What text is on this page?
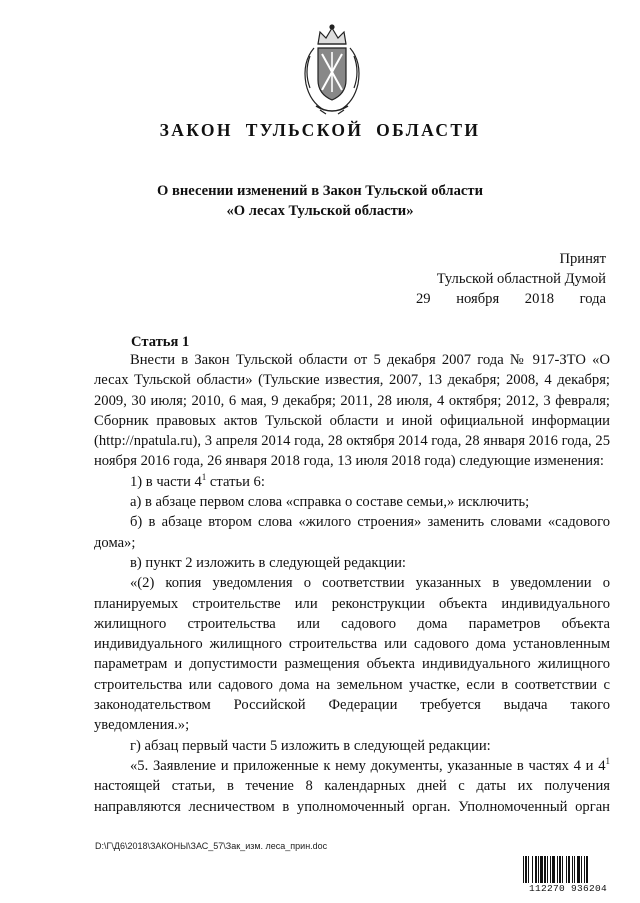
ЗАКОН ТУЛЬСКОЙ ОБЛАСТИ
О внесении изменений в Закон Тульской области
«О лесах Тульской области»
Принят
Тульской областной Думой
29 ноября 2018 года
Статья 1

Внести в Закон Тульской области от 5 декабря 2007 года № 917-ЗТО «О лесах Тульской области» (Тульские известия, 2007, 13 декабря; 2008, 4 декабря; 2009, 30 июля; 2010, 6 мая, 9 декабря; 2011, 28 июля, 4 октября; 2012, 3 февраля; Сборник правовых актов Тульской области и иной официальной информации (http://npatula.ru), 3 апреля 2014 года, 28 октября 2014 года, 28 января 2016 года, 25 ноября 2016 года, 26 января 2018 года, 13 июля 2018 года) следующие изменения:

1) в части $4^1$ статьи 6:

а) в абзаце первом слова «справка о составе семьи,» исключить;

б) в абзаце втором слова «жилого строения» заменить словами «садового дома»;

в) пункт 2 изложить в следующей редакции:

«(2) копия уведомления о соответствии указанных в уведомлении о планируемых строительстве или реконструкции объекта индивидуального жилищного строительства или садового дома параметров объекта индивидуального жилищного строительства или садового дома установленным параметрам и допустимости размещения объекта индивидуального жилищного строительства или садового дома на земельном участке, если в соответствии с законодательством Российской Федерации требуется выдача такого уведомления.»;

г) абзац первый части 5 изложить в следующей редакции:

«5. Заявление и приложенные к нему документы, указанные в частях 4 и $4^1$ настоящей статьи, в течение 8 календарных дней с даты их получения направляются лесничеством в уполномоченный орган. Уполномоченный орган

D:\Г\Д6\2018\ЗАКОНЫ\ЗАС_57\Зак_изм. леса_прин.doc
112270 936204
